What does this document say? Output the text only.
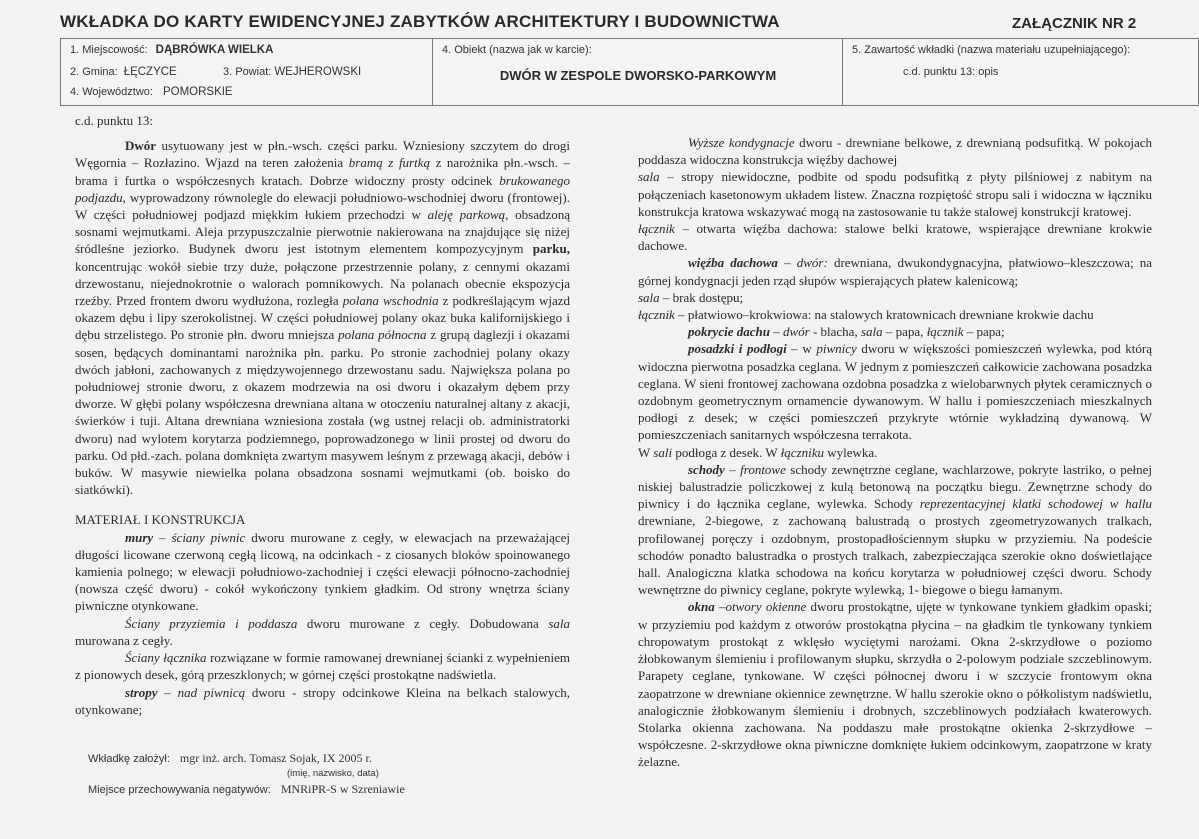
WKŁADKA DO KARTY EWIDENCYJNEJ ZABYTKÓW ARCHITEKTURY I BUDOWNICTWA	ZAŁĄCZNIK NR 2
1. Miejscowość: DĄBRÓWKA WIELKA
2. Gmina: ŁĘCZYCE	3. Powiat: WEJHEROWSKI
4. Województwo: POMORSKIE
4. Obiekt (nazwa jak w karcie):
DWÓR W ZESPOLE DWORSKO-PARKOWYM
5. Zawartość wkładki (nazwa materiału uzupełniającego):
c.d. punktu 13: opis

c.d. punktu 13:

Dwór usytuowany jest w płn.-wsch. części parku. Wzniesiony szczytem do drogi Węgornia – Rozłazino. Wjazd na teren założenia bramą z furtką z narożnika płn.-wsch. – brama i furtka o współczesnych kratach. Dobrze widoczny prosty odcinek brukowanego podjazdu, wyprowadzony równolegle do elewacji południowo-wschodniej dworu (frontowej). W części południowej podjazd miękkim łukiem przechodzi w aleję parkową, obsadzoną sosnami wejmutkami. Aleja przypuszczalnie pierwotnie nakierowana na znajdujące się niżej śródleśne jeziorko. Budynek dworu jest istotnym elementem kompozycyjnym parku, koncentrując wokół siebie trzy duże, połączone przestrzennie polany, z cennymi okazami drzewostanu, niejednokrotnie o walorach pomnikowych. Na polanach obecnie ekspozycja rzeźby. Przed frontem dworu wydłużona, rozległa polana wschodnia z podkreślającym wjazd okazem dębu i lipy szerokolistnej. W części południowej polany okaz buka kalifornijskiego i dębu strzelistego. Po stronie płn. dworu mniejsza polana północna z grupą daglezji i okazami sosen, będących dominantami narożnika płn. parku. Po stronie zachodniej polany okazy dwóch jabłoni, zachowanych z międzywojennego drzewostanu sadu. Największa polana po południowej stronie dworu, z okazem modrzewia na osi dworu i okazałym dębem przy dworze. W głębi polany współczesna drewniana altana w otoczeniu naturalnej altany z akacji, świerków i tuji. Altana drewniana wzniesiona została (wg ustnej relacji ob. administratorki dworu) nad wylotem korytarza podziemnego, poprowadzonego w linii prostej od dworu do parku. Od płd.-zach. polana domknięta zwartym masywem leśnym z przewagą akacji, debów i buków. W masywie niewielka polana obsadzona sosnami wejmutkami (ob. boisko do siatkówki).

MATERIAŁ I KONSTRUKCJA

mury – ściany piwnic dworu murowane z cegły, w elewacjach na przeważającej długości licowane czerwoną cegłą licową, na odcinkach - z ciosanych bloków spoinowanego kamienia polnego; w elewacji południowo-zachodniej i części elewacji północno-zachodniej (nowsza część dworu) - cokół wykończony tynkiem gładkim. Od strony wnętrza ściany piwniczne otynkowane.

Ściany przyziemia i poddasza dworu murowane z cegły. Dobudowana sala murowana z cegły.

Ściany łącznika rozwiązane w formie ramowanej drewnianej ścianki z wypełnieniem z pionowych desek, górą przeszklonych; w górnej części prostokątne nadświetla.

stropy – nad piwnicą dworu - stropy odcinkowe Kleina na belkach stalowych, otynkowane;

Wyższe kondygnacje dworu - drewniane belkowe, z drewnianą podsufitką. W pokojach poddasza widoczna konstrukcja więźby dachowej

sala – stropy niewidoczne, podbite od spodu podsufitką z płyty pilśniowej z nabitym na połączeniach kasetonowym układem listew. Znaczna rozpiętość stropu sali i widoczna w łączniku konstrukcja kratowa wskazywać mogą na zastosowanie tu także stalowej konstrukcji kratowej.

łącznik – otwarta więźba dachowa: stalowe belki kratowe, wspierające drewniane krokwie dachowe.

więźba dachowa – dwór: drewniana, dwukondygnacyjna, płatwiowo–kleszczowa; na górnej kondygnacji jeden rząd słupów wspierających płatew kalenicową;

sala – brak dostępu;

łącznik – płatwiowo–krokwiowa: na stalowych kratownicach drewniane krokwie dachu

pokrycie dachu – dwór - blacha, sala – papa, łącznik – papa;

posadzki i podłogi – w piwnicy dworu w większości pomieszczeń wylewka, pod którą widoczna pierwotna posadzka ceglana. W jednym z pomieszczeń całkowicie zachowana posadzka ceglana. W sieni frontowej zachowana ozdobna posadzka z wielobarwnych płytek ceramicznych o ozdobnym geometrycznym ornamencie dywanowym. W hallu i pomieszczeniach mieszkalnych podłogi z desek; w części pomieszczeń przykryte wtórnie wykładziną dywanową. W pomieszczeniach sanitarnych współczesna terrakota.

W sali podłoga z desek. W łączniku wylewka.

schody – frontowe schody zewnętrzne ceglane, wachlarzowe, pokryte lastriko, o pełnej niskiej balustradzie policzkowej z kulą betonową na początku biegu. Zewnętrzne schody do piwnicy i do łącznika ceglane, wylewka. Schody reprezentacyjnej klatki schodowej w hallu drewniane, 2-biegowe, z zachowaną balustradą o prostych zgeometryzowanych tralkach, profilowanej poręczy i ozdobnym, prostopadłościennym słupku w przyziemiu. Na podeście schodów ponadto balustradka o prostych tralkach, zabezpieczająca szerokie okno doświetlające hall. Analogiczna klatka schodowa na końcu korytarza w południowej części dworu. Schody wewnętrzne do piwnicy ceglane, pokryte wylewką, 1- biegowe o biegu łamanym.

okna –otwory okienne dworu prostokątne, ujęte w tynkowane tynkiem gładkim opaski; w przyziemiu pod każdym z otworów prostokątna płycina – na gładkim tle tynkowany tynkiem chropowatym prostokąt z wklęsło wyciętymi narożami. Okna 2-skrzydłowe o poziomo żłobkowanym ślemieniu i profilowanym słupku, skrzydła o 2-polowym podziale szczeblinowym. Parapety ceglane, tynkowane. W części północnej dworu i w szczycie frontowym okna zaopatrzone w drewniane okiennice zewnętrzne. W hallu szerokie okno o półkolistym nadświetlu, analogicznie żłobkowanym ślemieniu i drobnych, szczeblinowych podziałach kwaterowych. Stolarka okienna zachowana. Na poddaszu małe prostokątne okienka 2-skrzydłowe – współczesne. 2-skrzydłowe okna piwniczne domknięte łukiem odcinkowym, zaopatrzone w kraty żelazne.

Wkładkę założył: mgr inż. arch. Tomasz Sojak, IX 2005 r.
(imię, nazwisko, data)
Miejsce przechowywania negatywów: MNRiPR-S w Szreniawie
